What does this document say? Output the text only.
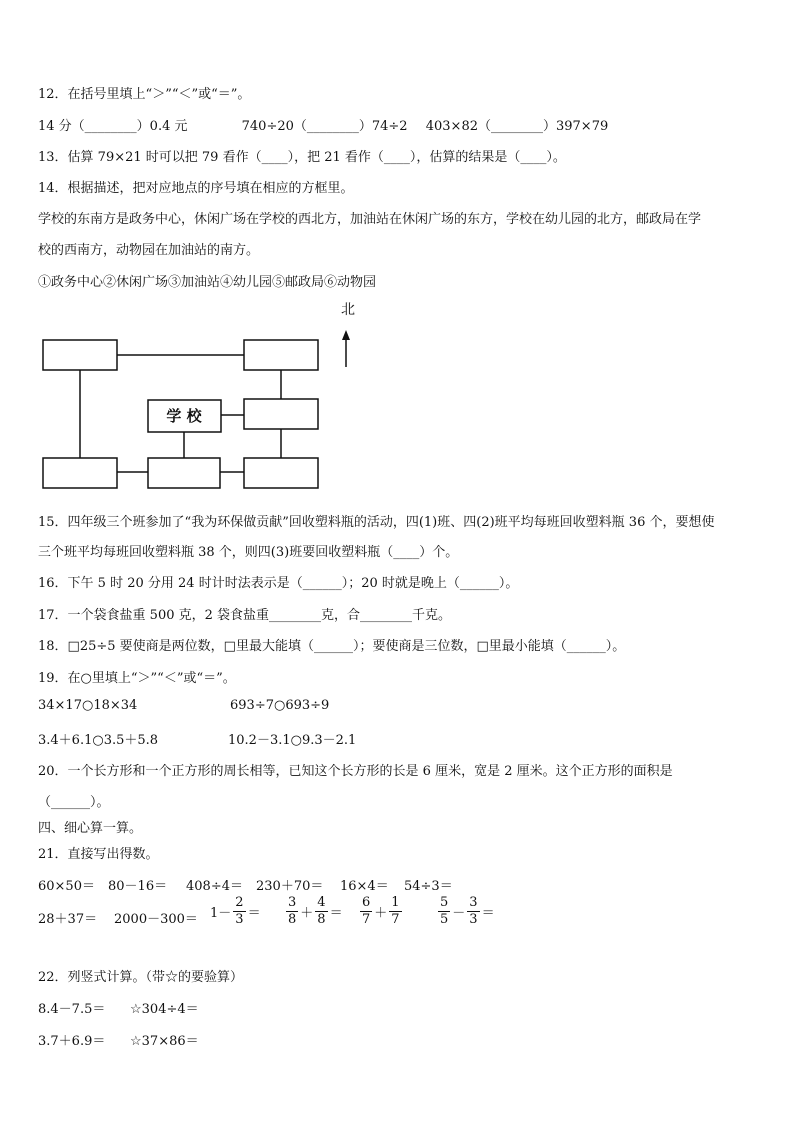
12．在括号里填上“＞”“＜”或“＝”。
14 分（________）0.4 元	740÷20（________）74÷2 403×82（________）397×79
13．估算 79×21 时可以把 79 看作（____），把 21 看作（____），估算的结果是（____）。
14．根据描述，把对应地点的序号填在相应的方框里。
学校的东南方是政务中心，休闲广场在学校的西北方，加油站在休闲广场的东方，学校在幼儿园的北方，邮政局在学
校的西南方，动物园在加油站的南方。
①政务中心②休闲广场③加油站④幼儿园⑤邮政局⑥动物园
学 校
北
15．四年级三个班参加了“我为环保做贡献”回收塑料瓶的活动，四(1)班、四(2)班平均每班回收塑料瓶 36 个，要想使
三个班平均每班回收塑料瓶 38 个，则四(3)班要回收塑料瓶（____）个。
16．下午 5 时 20 分用 24 时计时法表示是（______）；20 时就是晚上（______）。
17．一个袋食盐重 500 克，2 袋食盐重________克，合________千克。
18．□25÷5 要使商是两位数，□里最大能填（______）；要使商是三位数，□里最小能填（______）。
19．在○里填上“＞”“＜”或“＝”。
34×17○18×34	693÷7○693÷9
3.4＋6.1○3.5＋5.8	10.2－3.1○9.3－2.1
20．一个长方形和一个正方形的周长相等，已知这个长方形的长是 6 厘米，宽是 2 厘米。这个正方形的面积是
（______）。
四、细心算一算。
21．直接写出得数。
60×50＝ 80－16＝ 408÷4＝ 230＋70＝ 16×4＝ 54÷3＝
$28+37= 2000-300= 1- \frac{2}{3} = \frac{3}{8} + \frac{4}{8} = \frac{6}{7} + \frac{1}{7}$	$\frac{5}{5} - \frac{3}{3}$ ＝
22．列竖式计算。（带☆的要验算）
8.4－7.5＝ ☆304÷4＝
3.7＋6.9＝ ☆37×86＝
